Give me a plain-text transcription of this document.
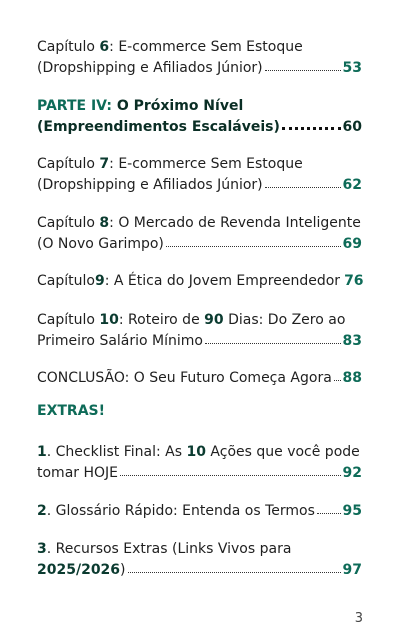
Capítulo 6: E-commerce Sem Estoque
(Dropshipping e Afiliados Júnior)	53
PARTE IV: O Próximo Nível
(Empreendimentos Escaláveis)	60
Capítulo 7: E-commerce Sem Estoque
(Dropshipping e Afiliados Júnior)	62
Capítulo 8: O Mercado de Revenda Inteligente
(O Novo Garimpo)	69
Capítulo 9 : A Ética do Jovem Empreendedor 76
Capítulo 10: Roteiro de 90 Dias: Do Zero ao
Primeiro Salário Mínimo	83
CONCLUSÃO: O Seu Futuro Começa Agora 88
EXTRAS!
1. Checklist Final: As 10 Ações que você pode
tomar HOJE	92
2 . Glossário Rápido: Entenda os Termos 95
3. Recursos Extras (Links Vivos para
2025/2026 )	97
3
